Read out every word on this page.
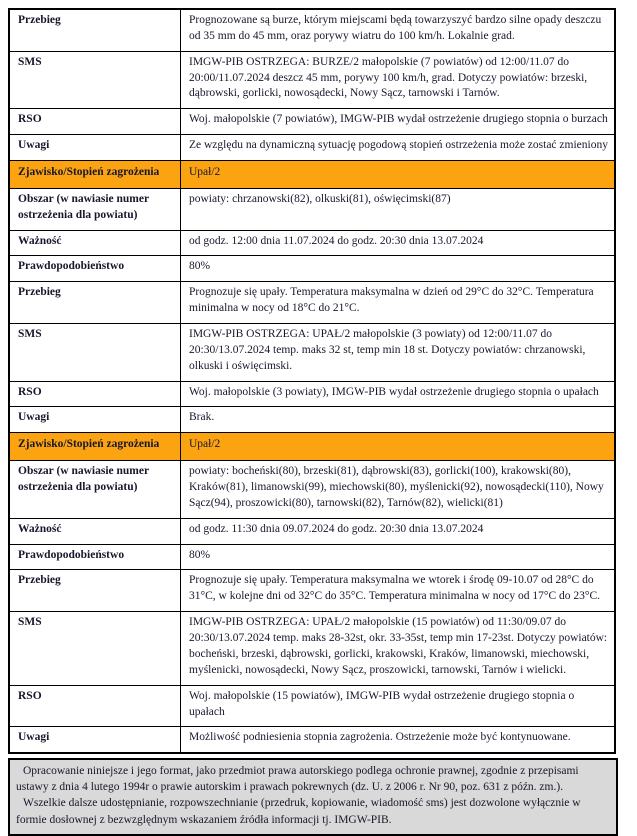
Przebieg	Prognozowane są burze, którym miejscami będą towarzyszyć bardzo silne opady deszczu od 35 mm do 45 mm, oraz porywy wiatru do 100 km/h. Lokalnie grad.
SMS	IMGW-PIB OSTRZEGA: BURZE/2 małopolskie (7 powiatów) od 12:00/11.07 do 20:00/11.07.2024 deszcz 45 mm, porywy 100 km/h, grad. Dotyczy powiatów: brzeski, dąbrowski, gorlicki, nowosądecki, Nowy Sącz, tarnowski i Tarnów.
RSO	Woj. małopolskie (7 powiatów), IMGW-PIB wydał ostrzeżenie drugiego stopnia o burzach
Uwagi	Ze względu na dynamiczną sytuację pogodową stopień ostrzeżenia może zostać zmieniony
Zjawisko/Stopień zagrożenia	Upał/2
Obszar (w nawiasie numer ostrzeżenia dla powiatu)	powiaty: chrzanowski(82), olkuski(81), oświęcimski(87)
Ważność	od godz. 12:00 dnia 11.07.2024 do godz. 20:30 dnia 13.07.2024
Prawdopodobieństwo	80%
Przebieg	Prognozuje się upały. Temperatura maksymalna w dzień od 29°C do 32°C. Temperatura minimalna w nocy od 18°C do 21°C.
SMS	IMGW-PIB OSTRZEGA: UPAŁ/2 małopolskie (3 powiaty) od 12:00/11.07 do 20:30/13.07.2024 temp. maks 32 st, temp min 18 st. Dotyczy powiatów: chrzanowski, olkuski i oświęcimski.
RSO	Woj. małopolskie (3 powiaty), IMGW-PIB wydał ostrzeżenie drugiego stopnia o upałach
Uwagi	Brak.
Zjawisko/Stopień zagrożenia	Upał/2
Obszar (w nawiasie numer ostrzeżenia dla powiatu)	powiaty: bocheński(80), brzeski(81), dąbrowski(83), gorlicki(100), krakowski(80), Kraków(81), limanowski(99), miechowski(80), myślenicki(92), nowosądecki(110), Nowy Sącz(94), proszowicki(80), tarnowski(82), Tarnów(82), wielicki(81)
Ważność	od godz. 11:30 dnia 09.07.2024 do godz. 20:30 dnia 13.07.2024
Prawdopodobieństwo	80%
Przebieg	Prognozuje się upały. Temperatura maksymalna we wtorek i środę 09-10.07 od 28°C do 31°C, w kolejne dni od 32°C do 35°C. Temperatura minimalna w nocy od 17°C do 23°C.
SMS	IMGW-PIB OSTRZEGA: UPAŁ/2 małopolskie (15 powiatów) od 11:30/09.07 do 20:30/13.07.2024 temp. maks 28-32st, okr. 33-35st, temp min 17-23st. Dotyczy powiatów: bocheński, brzeski, dąbrowski, gorlicki, krakowski, Kraków, limanowski, miechowski, myślenicki, nowosądecki, Nowy Sącz, proszowicki, tarnowski, Tarnów i wielicki.
RSO	Woj. małopolskie (15 powiatów), IMGW-PIB wydał ostrzeżenie drugiego stopnia o upałach
Uwagi	Możliwość podniesienia stopnia zagrożenia. Ostrzeżenie może być kontynuowane.

Opracowanie niniejsze i jego format, jako przedmiot prawa autorskiego podlega ochronie prawnej, zgodnie z przepisami ustawy z dnia 4 lutego 1994r o prawie autorskim i prawach pokrewnych (dz. U. z 2006 r. Nr 90, poz. 631 z późn. zm.).

Wszelkie dalsze udostępnianie, rozpowszechnianie (przedruk, kopiowanie, wiadomość sms) jest dozwolone wyłącznie w formie dosłownej z bezwzględnym wskazaniem źródła informacji tj. IMGW-PIB.
